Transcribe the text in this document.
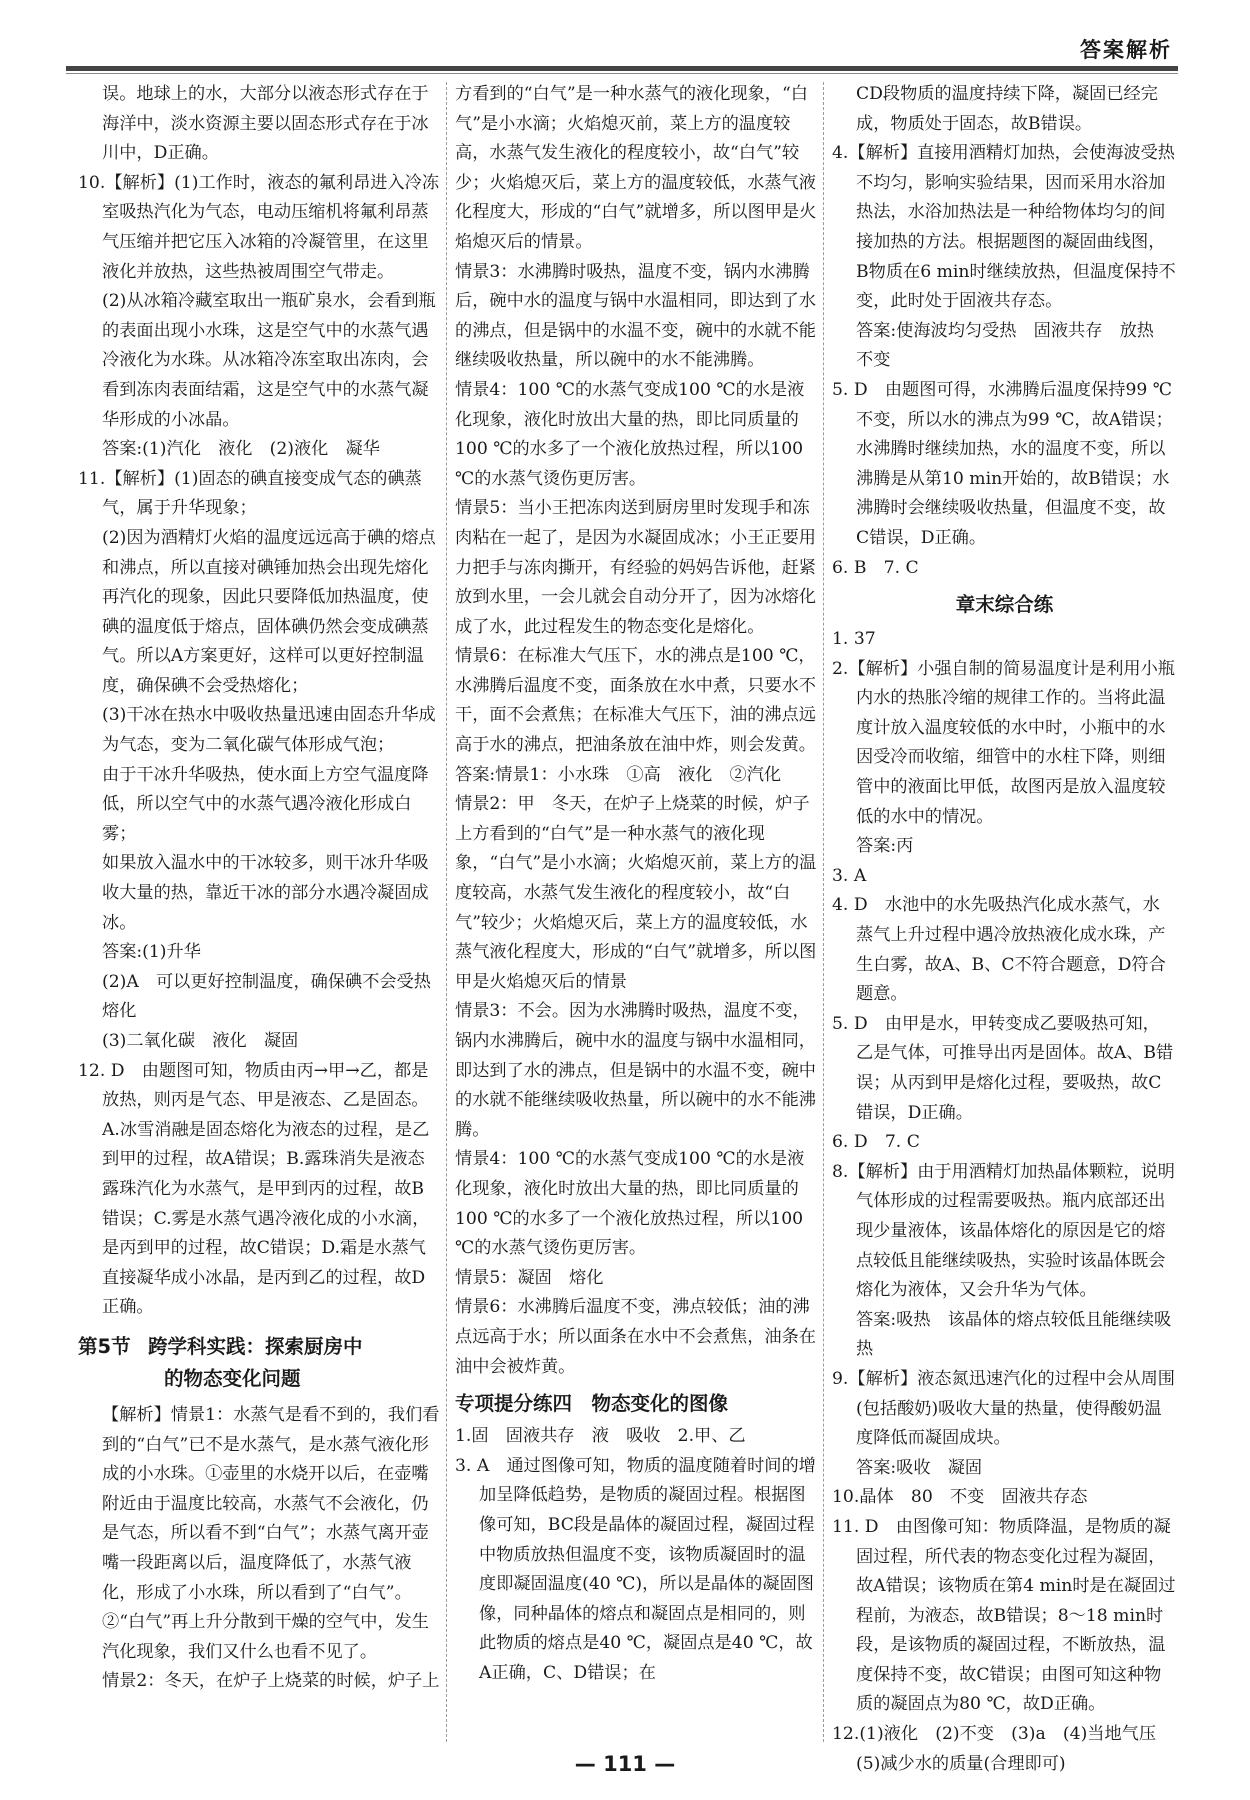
答案解析

误。地球上的水，大部分以液态形式存在于海洋中，淡水资源主要以固态形式存在于冰川中，D正确。

10.【解析】(1)工作时，液态的氟利昂进入冷冻室吸热汽化为气态，电动压缩机将氟利昂蒸气压缩并把它压入冰箱的冷凝管里，在这里液化并放热，这些热被周围空气带走。

(2)从冰箱冷藏室取出一瓶矿泉水，会看到瓶的表面出现小水珠，这是空气中的水蒸气遇冷液化为水珠。从冰箱冷冻室取出冻肉，会看到冻肉表面结霜，这是空气中的水蒸气凝华形成的小冰晶。

答案:(1)汽化　液化　(2)液化　凝华

11.【解析】(1)固态的碘直接变成气态的碘蒸气，属于升华现象；

(2)因为酒精灯火焰的温度远远高于碘的熔点和沸点，所以直接对碘锤加热会出现先熔化再汽化的现象，因此只要降低加热温度，使碘的温度低于熔点，固体碘仍然会变成碘蒸气。所以A方案更好，这样可以更好控制温度，确保碘不会受热熔化；

(3)干冰在热水中吸收热量迅速由固态升华成为气态，变为二氧化碳气体形成气泡；

由于干冰升华吸热，使水面上方空气温度降低，所以空气中的水蒸气遇冷液化形成白雾；

如果放入温水中的干冰较多，则干冰升华吸收大量的热，靠近干冰的部分水遇冷凝固成冰。

答案:(1)升华

(2)A　可以更好控制温度，确保碘不会受热熔化

(3)二氧化碳　液化　凝固

12. D　由题图可知，物质由丙→甲→乙，都是放热，则丙是气态、甲是液态、乙是固态。A.冰雪消融是固态熔化为液态的过程，是乙到甲的过程，故A错误；B.露珠消失是液态露珠汽化为水蒸气，是甲到丙的过程，故B错误；C.雾是水蒸气遇冷液化成的小水滴，是丙到甲的过程，故C错误；D.霜是水蒸气直接凝华成小冰晶，是丙到乙的过程，故D正确。

第5节 跨学科实践：探索厨房中
的物态变化问题

【解析】情景1：水蒸气是看不到的，我们看到的“白气”已不是水蒸气，是水蒸气液化形成的小水珠。①壶里的水烧开以后，在壶嘴附近由于温度比较高，水蒸气不会液化，仍是气态，所以看不到“白气”；水蒸气离开壶嘴一段距离以后，温度降低了，水蒸气液化，形成了小水珠，所以看到了“白气”。②“白气”再上升分散到干燥的空气中，发生汽化现象，我们又什么也看不见了。

情景2：冬天，在炉子上烧菜的时候，炉子上

方看到的“白气”是一种水蒸气的液化现象，“白气”是小水滴；火焰熄灭前，菜上方的温度较高，水蒸气发生液化的程度较小，故“白气”较少；火焰熄灭后，菜上方的温度较低，水蒸气液化程度大，形成的“白气”就增多，所以图甲是火焰熄灭后的情景。

情景3：水沸腾时吸热，温度不变，锅内水沸腾后，碗中水的温度与锅中水温相同，即达到了水的沸点，但是锅中的水温不变，碗中的水就不能继续吸收热量，所以碗中的水不能沸腾。

情景4：100 ℃的水蒸气变成100 ℃的水是液化现象，液化时放出大量的热，即比同质量的100 ℃的水多了一个液化放热过程，所以100 ℃的水蒸气烫伤更厉害。

情景5：当小王把冻肉送到厨房里时发现手和冻肉粘在一起了，是因为水凝固成冰；小王正要用力把手与冻肉撕开，有经验的妈妈告诉他，赶紧放到水里，一会儿就会自动分开了，因为冰熔化成了水，此过程发生的物态变化是熔化。

情景6：在标准大气压下，水的沸点是100 ℃，水沸腾后温度不变，面条放在水中煮，只要水不干，面不会煮焦；在标准大气压下，油的沸点远高于水的沸点，把油条放在油中炸，则会发黄。

答案:情景1：小水珠　①高　液化　②汽化

情景2：甲　冬天，在炉子上烧菜的时候，炉子上方看到的“白气”是一种水蒸气的液化现象，“白气”是小水滴；火焰熄灭前，菜上方的温度较高，水蒸气发生液化的程度较小，故“白气”较少；火焰熄灭后，菜上方的温度较低，水蒸气液化程度大，形成的“白气”就增多，所以图甲是火焰熄灭后的情景

情景3：不会。因为水沸腾时吸热，温度不变，锅内水沸腾后，碗中水的温度与锅中水温相同，即达到了水的沸点，但是锅中的水温不变，碗中的水就不能继续吸收热量，所以碗中的水不能沸腾。

情景4：100 ℃的水蒸气变成100 ℃的水是液化现象，液化时放出大量的热，即比同质量的100 ℃的水多了一个液化放热过程，所以100 ℃的水蒸气烫伤更厉害。

情景5：凝固　熔化

情景6：水沸腾后温度不变，沸点较低；油的沸点远高于水；所以面条在水中不会煮焦，油条在油中会被炸黄。

专项提分练四　物态变化的图像

1.固　固液共存　液　吸收　2.甲、乙

3. A　通过图像可知，物质的温度随着时间的增加呈降低趋势，是物质的凝固过程。根据图像可知，BC段是晶体的凝固过程，凝固过程中物质放热但温度不变，该物质凝固时的温度即凝固温度(40 ℃)，所以是晶体的凝固图像，同种晶体的熔点和凝固点是相同的，则此物质的熔点是40 ℃，凝固点是40 ℃，故A正确，C、D错误；在

CD段物质的温度持续下降，凝固已经完成，物质处于固态，故B错误。

4.【解析】直接用酒精灯加热，会使海波受热不均匀，影响实验结果，因而采用水浴加热法，水浴加热法是一种给物体均匀的间接加热的方法。根据题图的凝固曲线图，B物质在6 min时继续放热，但温度保持不变，此时处于固液共存态。

答案:使海波均匀受热　固液共存　放热　不变

5. D　由题图可得，水沸腾后温度保持99 ℃不变，所以水的沸点为99 ℃，故A错误；水沸腾时继续加热，水的温度不变，所以沸腾是从第10 min开始的，故B错误；水沸腾时会继续吸收热量，但温度不变，故C错误，D正确。

6. B　7. C

章末综合练

1. 37

2.【解析】小强自制的简易温度计是利用小瓶内水的热胀冷缩的规律工作的。当将此温度计放入温度较低的水中时，小瓶中的水因受冷而收缩，细管中的水柱下降，则细管中的液面比甲低，故图丙是放入温度较低的水中的情况。

答案:丙

3. A

4. D　水池中的水先吸热汽化成水蒸气，水蒸气上升过程中遇冷放热液化成水珠，产生白雾，故A、B、C不符合题意，D符合题意。

5. D　由甲是水，甲转变成乙要吸热可知，乙是气体，可推导出丙是固体。故A、B错误；从丙到甲是熔化过程，要吸热，故C错误，D正确。

6. D　7. C

8.【解析】由于用酒精灯加热晶体颗粒，说明气体形成的过程需要吸热。瓶内底部还出现少量液体，该晶体熔化的原因是它的熔点较低且能继续吸热，实验时该晶体既会熔化为液体，又会升华为气体。

答案:吸热　该晶体的熔点较低且能继续吸热

9.【解析】液态氮迅速汽化的过程中会从周围(包括酸奶)吸收大量的热量，使得酸奶温度降低而凝固成块。

答案:吸收　凝固

10.晶体　80　不变　固液共存态

11. D　由图像可知：物质降温，是物质的凝固过程，所代表的物态变化过程为凝固，故A错误；该物质在第4 min时是在凝固过程前，为液态，故B错误；8～18 min时段，是该物质的凝固过程，不断放热，温度保持不变，故C错误；由图可知这种物质的凝固点为80 ℃，故D正确。

12.(1)液化　(2)不变　(3)a　(4)当地气压　(5)减少水的质量(合理即可)

— 111 —
